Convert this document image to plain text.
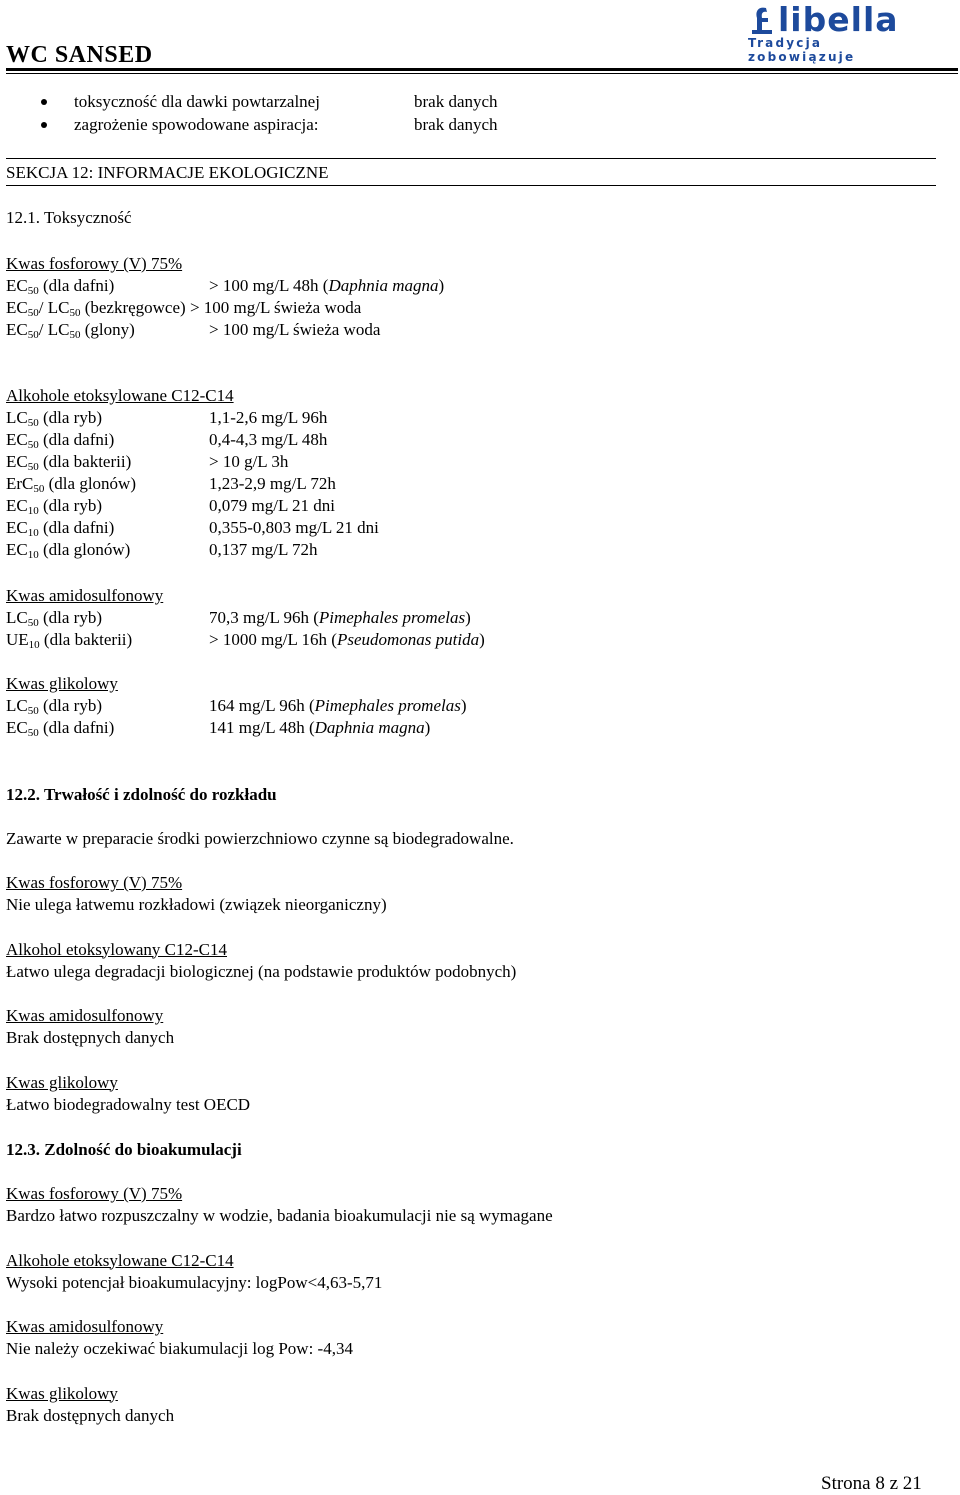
WC SANSED
libella
Tradycja zobowiązuje
toksyczność dla dawki powtarzalnej	brak danych
zagrożenie spowodowane aspiracja:	brak danych
SEKCJA 12: INFORMACJE EKOLOGICZNE
12.1. Toksyczność
Kwas fosforowy (V) 75%
$EC_{50}$ (dla dafni)	> 100 mg/L 48h (Daphnia magna)
$EC_{50}/$ $LC_{50}$ (bezkręgowce) > 100 mg/L świeża woda
$EC_{50}/$ $LC_{50}$ (glony)	> 100 mg/L świeża woda
Alkohole etoksylowane C12-C14
$LC_{50}$ (dla ryb)	1,1-2,6 mg/L 96h
$EC_{50}$ (dla dafni)	0,4-4,3 mg/L 48h
$EC_{50}$ (dla bakterii)	> 10 g/L 3h
ErC$_{50}$ (dla glonów)	1,23-2,9 mg/L 72h
$EC_{10}$ (dla ryb)	0,079 mg/L 21 dni
$EC_{10}$ (dla dafni)	0,355-0,803 mg/L 21 dni
$EC_{10}$ (dla glonów)	0,137 mg/L 72h
Kwas amidosulfonowy
$LC_{50}$ (dla ryb)	70,3 mg/L 96h (Pimephales promelas)
$UE_{10}$ (dla bakterii)	> 1000 mg/L 16h (Pseudomonas putida)
Kwas glikolowy
$LC_{50}$ (dla ryb)	164 mg/L 96h (Pimephales promelas)
$EC_{50}$ (dla dafni)	141 mg/L 48h (Daphnia magna)
12.2. Trwałość i zdolność do rozkładu
Zawarte w preparacie środki powierzchniowo czynne są biodegradowalne.
Kwas fosforowy (V) 75%
Nie ulega łatwemu rozkładowi (związek nieorganiczny)
Alkohol etoksylowany C12-C14
Łatwo ulega degradacji biologicznej (na podstawie produktów podobnych)
Kwas amidosulfonowy
Brak dostępnych danych
Kwas glikolowy
Łatwo biodegradowalny test OECD
12.3. Zdolność do bioakumulacji
Kwas fosforowy (V) 75%
Bardzo łatwo rozpuszczalny w wodzie, badania bioakumulacji nie są wymagane
Alkohole etoksylowane C12-C14
Wysoki potencjał bioakumulacyjny: logPow<4,63-5,71
Kwas amidosulfonowy
Nie należy oczekiwać biakumulacji log Pow: -4,34
Kwas glikolowy
Brak dostępnych danych
Strona 8 z 21
